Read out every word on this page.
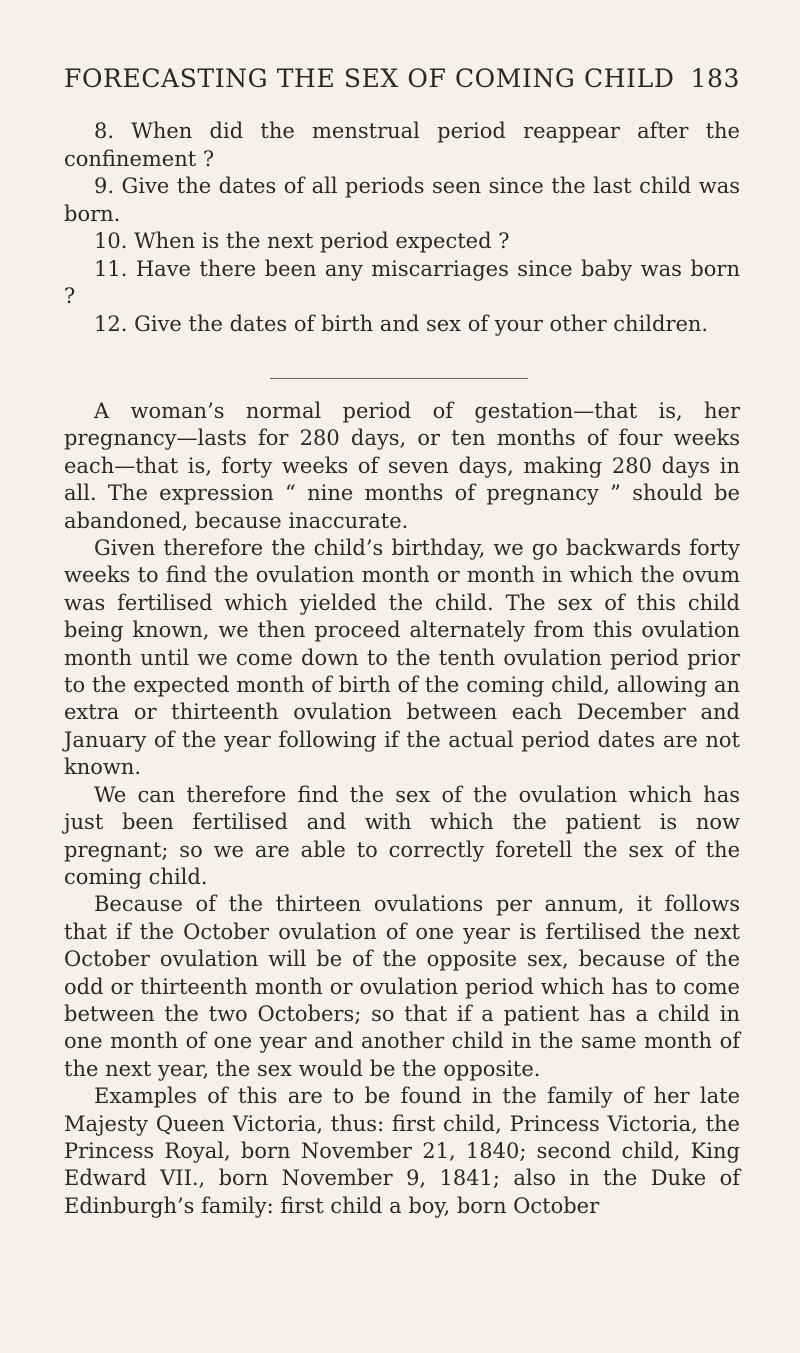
FORECASTING THE SEX OF COMING CHILD 183

8. When did the menstrual period reappear after the confinement ?

9. Give the dates of all periods seen since the last child was born.

10. When is the next period expected ?

11. Have there been any miscarriages since baby was born ?

12. Give the dates of birth and sex of your other children.

A woman’s normal period of gestation—that is, her pregnancy—lasts for 280 days, or ten months of four weeks each—that is, forty weeks of seven days, making 280 days in all. The expression “ nine months of pregnancy ” should be abandoned, because inaccurate.

Given therefore the child’s birthday, we go backwards forty weeks to find the ovulation month or month in which the ovum was fertilised which yielded the child. The sex of this child being known, we then proceed alternately from this ovulation month until we come down to the tenth ovulation period prior to the expected month of birth of the coming child, allowing an extra or thirteenth ovulation between each December and January of the year following if the actual period dates are not known.

We can therefore find the sex of the ovulation which has just been fertilised and with which the patient is now pregnant; so we are able to correctly foretell the sex of the coming child.

Because of the thirteen ovulations per annum, it follows that if the October ovulation of one year is fertilised the next October ovulation will be of the opposite sex, because of the odd or thirteenth month or ovulation period which has to come between the two Octobers; so that if a patient has a child in one month of one year and another child in the same month of the next year, the sex would be the opposite.

Examples of this are to be found in the family of her late Majesty Queen Victoria, thus: first child, Princess Victoria, the Princess Royal, born November 21, 1840; second child, King Edward VII., born November 9, 1841; also in the Duke of Edinburgh’s family: first child a boy, born October
